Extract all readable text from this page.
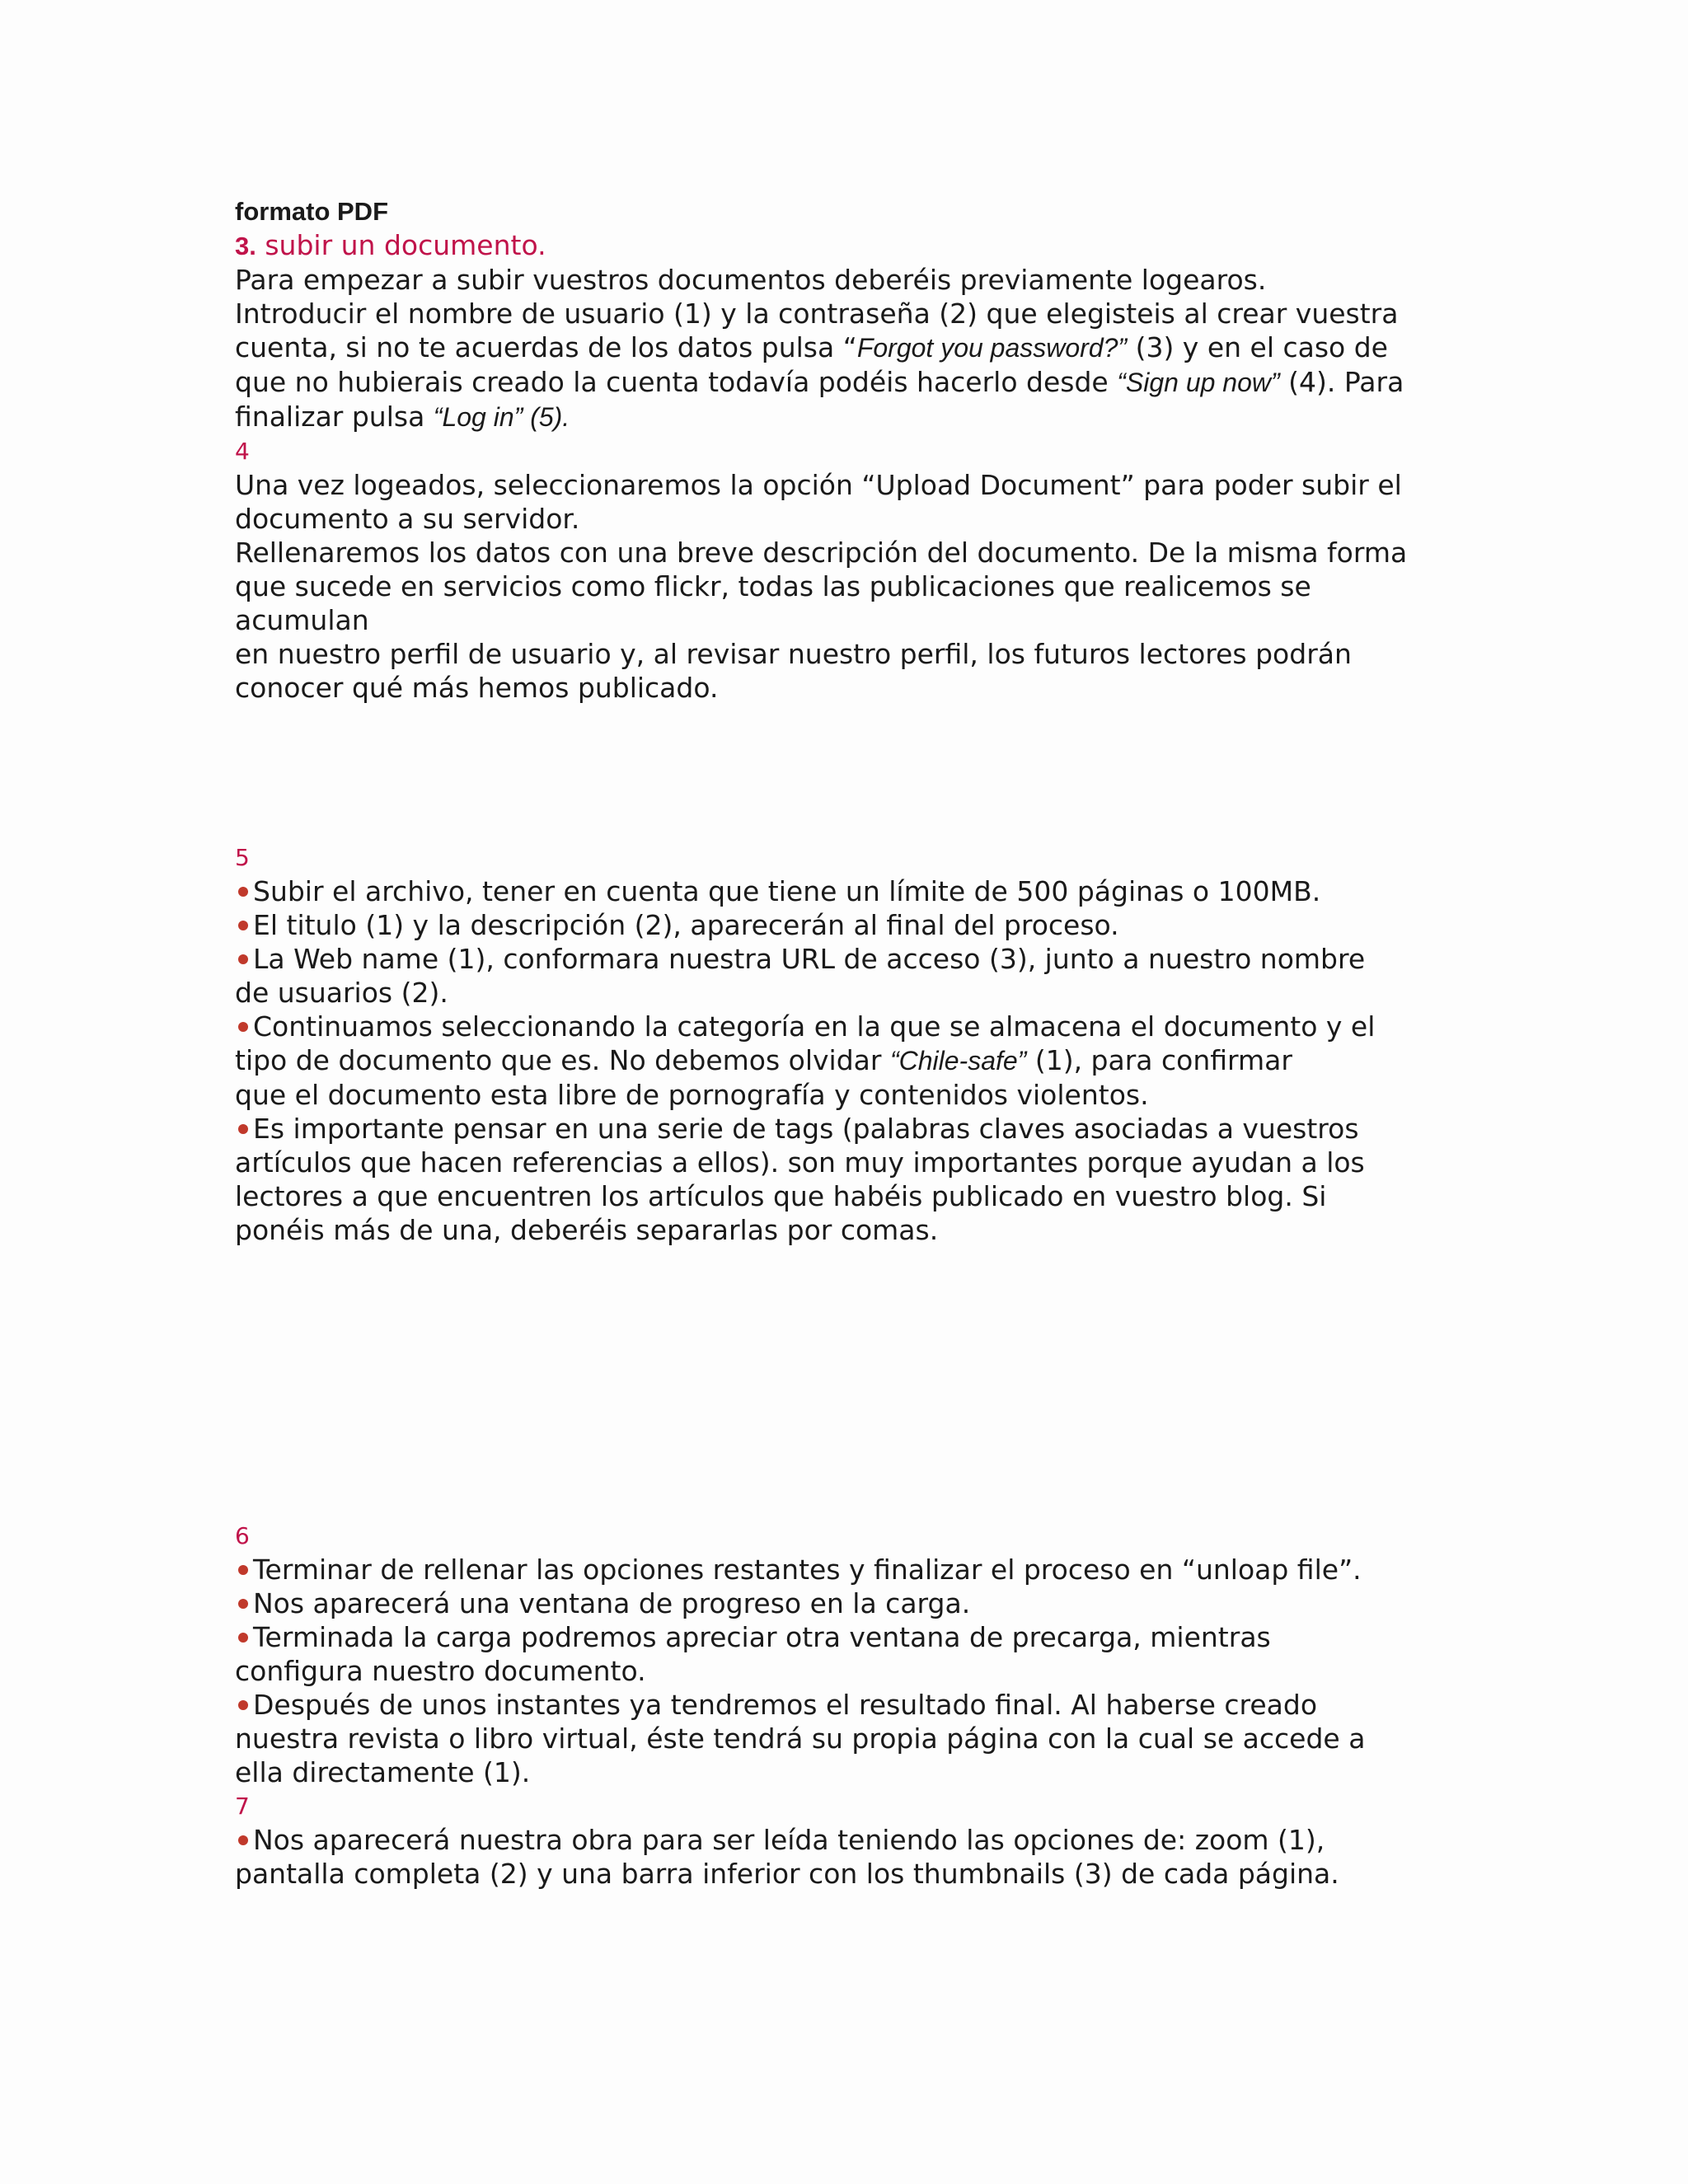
formato PDF
3. subir un documento.
Para empezar a subir vuestros documentos deberéis previamente logearos.
Introducir el nombre de usuario (1) y la contraseña (2) que elegisteis al crear vuestra
cuenta, si no te acuerdas de los datos pulsa “Forgot you password?” (3) y en el caso de
que no hubierais creado la cuenta todavía podéis hacerlo desde “Sign up now” (4). Para
finalizar pulsa “Log in” (5).
4
Una vez logeados, seleccionaremos la opción “Upload Document” para poder subir el
documento a su servidor.
Rellenaremos los datos con una breve descripción del documento. De la misma forma
que sucede en servicios como flickr, todas las publicaciones que realicemos se
acumulan
en nuestro perfil de usuario y, al revisar nuestro perfil, los futuros lectores podrán
conocer qué más hemos publicado.
5
Subir el archivo, tener en cuenta que tiene un límite de 500 páginas o 100MB.
El titulo (1) y la descripción (2), aparecerán al final del proceso.
La Web name (1), conformara nuestra URL de acceso (3), junto a nuestro nombre
de usuarios (2).
Continuamos seleccionando la categoría en la que se almacena el documento y el
tipo de documento que es. No debemos olvidar “Chile-safe” (1), para confirmar
que el documento esta libre de pornografía y contenidos violentos.
Es importante pensar en una serie de tags (palabras claves asociadas a vuestros
artículos que hacen referencias a ellos). son muy importantes porque ayudan a los
lectores a que encuentren los artículos que habéis publicado en vuestro blog. Si
ponéis más de una, deberéis separarlas por comas.
6
Terminar de rellenar las opciones restantes y finalizar el proceso en “unloap file”.
Nos aparecerá una ventana de progreso en la carga.
Terminada la carga podremos apreciar otra ventana de precarga, mientras
configura nuestro documento.
Después de unos instantes ya tendremos el resultado final. Al haberse creado
nuestra revista o libro virtual, éste tendrá su propia página con la cual se accede a
ella directamente (1).
7
Nos aparecerá nuestra obra para ser leída teniendo las opciones de: zoom (1),
pantalla completa (2) y una barra inferior con los thumbnails (3) de cada página.
